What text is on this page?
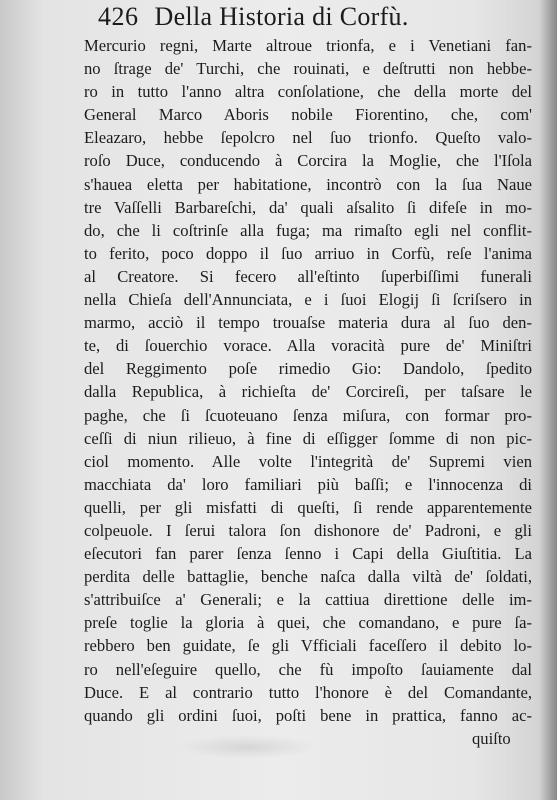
426 Della Historia di Corfù.
Mercurio regni, Marte altroue trionfa, e i Venetiani fan-
no ſtrage de' Turchi, che rouinati, e deſtrutti non hebbe-
ro in tutto l'anno altra conſolatione, che della morte del
General Marco Aboris nobile Fiorentino, che, com'
Eleazaro, hebbe ſepolcro nel ſuo trionfo. Queſto valo-
roſo Duce, conducendo à Corcira la Moglie, che l'Iſola
s'hauea eletta per habitatione, incontrò con la ſua Naue
tre Vaſſelli Barbareſchi, da' quali aſsalito ſi difeſe in mo-
do, che li coſtrinſe alla fuga; ma rimaſto egli nel conflit-
to ferito, poco doppo il ſuo arriuo in Corfù, reſe l'anima
al Creatore. Si fecero all'eſtinto ſuperbiſſimi funerali
nella Chieſa dell'Annunciata, e i ſuoi Elogij ſi ſcriſsero in
marmo, acciò il tempo trouaſse materia dura al ſuo den-
te, di ſouerchio vorace. Alla voracità pure de' Miniſtri
del Reggimento poſe rimedio Gio: Dandolo, ſpedito
dalla Republica, à richieſta de' Corcireſi, per taſsare le
paghe, che ſi ſcuoteuano ſenza miſura, con formar pro-
ceſſi di niun rilieuo, à fine di eſſigger ſomme di non pic-
ciol momento. Alle volte l'integrità de' Supremi vien
macchiata da' loro familiari più baſſi; e l'innocenza di
quelli, per gli misfatti di queſti, ſi rende apparentemente
colpeuole. I ſerui talora ſon dishonore de' Padroni, e gli
eſecutori fan parer ſenza ſenno i Capi della Giuſtitia. La
perdita delle battaglie, benche naſca dalla viltà de' ſoldati,
s'attribuiſce a' Generali; e la cattiua direttione delle im-
preſe toglie la gloria à quei, che comandano, e pure ſa-
rebbero ben guidate, ſe gli Vfficiali faceſſero il debito lo-
ro nell'eſeguire quello, che fù impoſto ſauiamente dal
Duce. E al contrario tutto l'honore è del Comandante,
quando gli ordini ſuoi, poſti bene in prattica, fanno ac-
quiſto
